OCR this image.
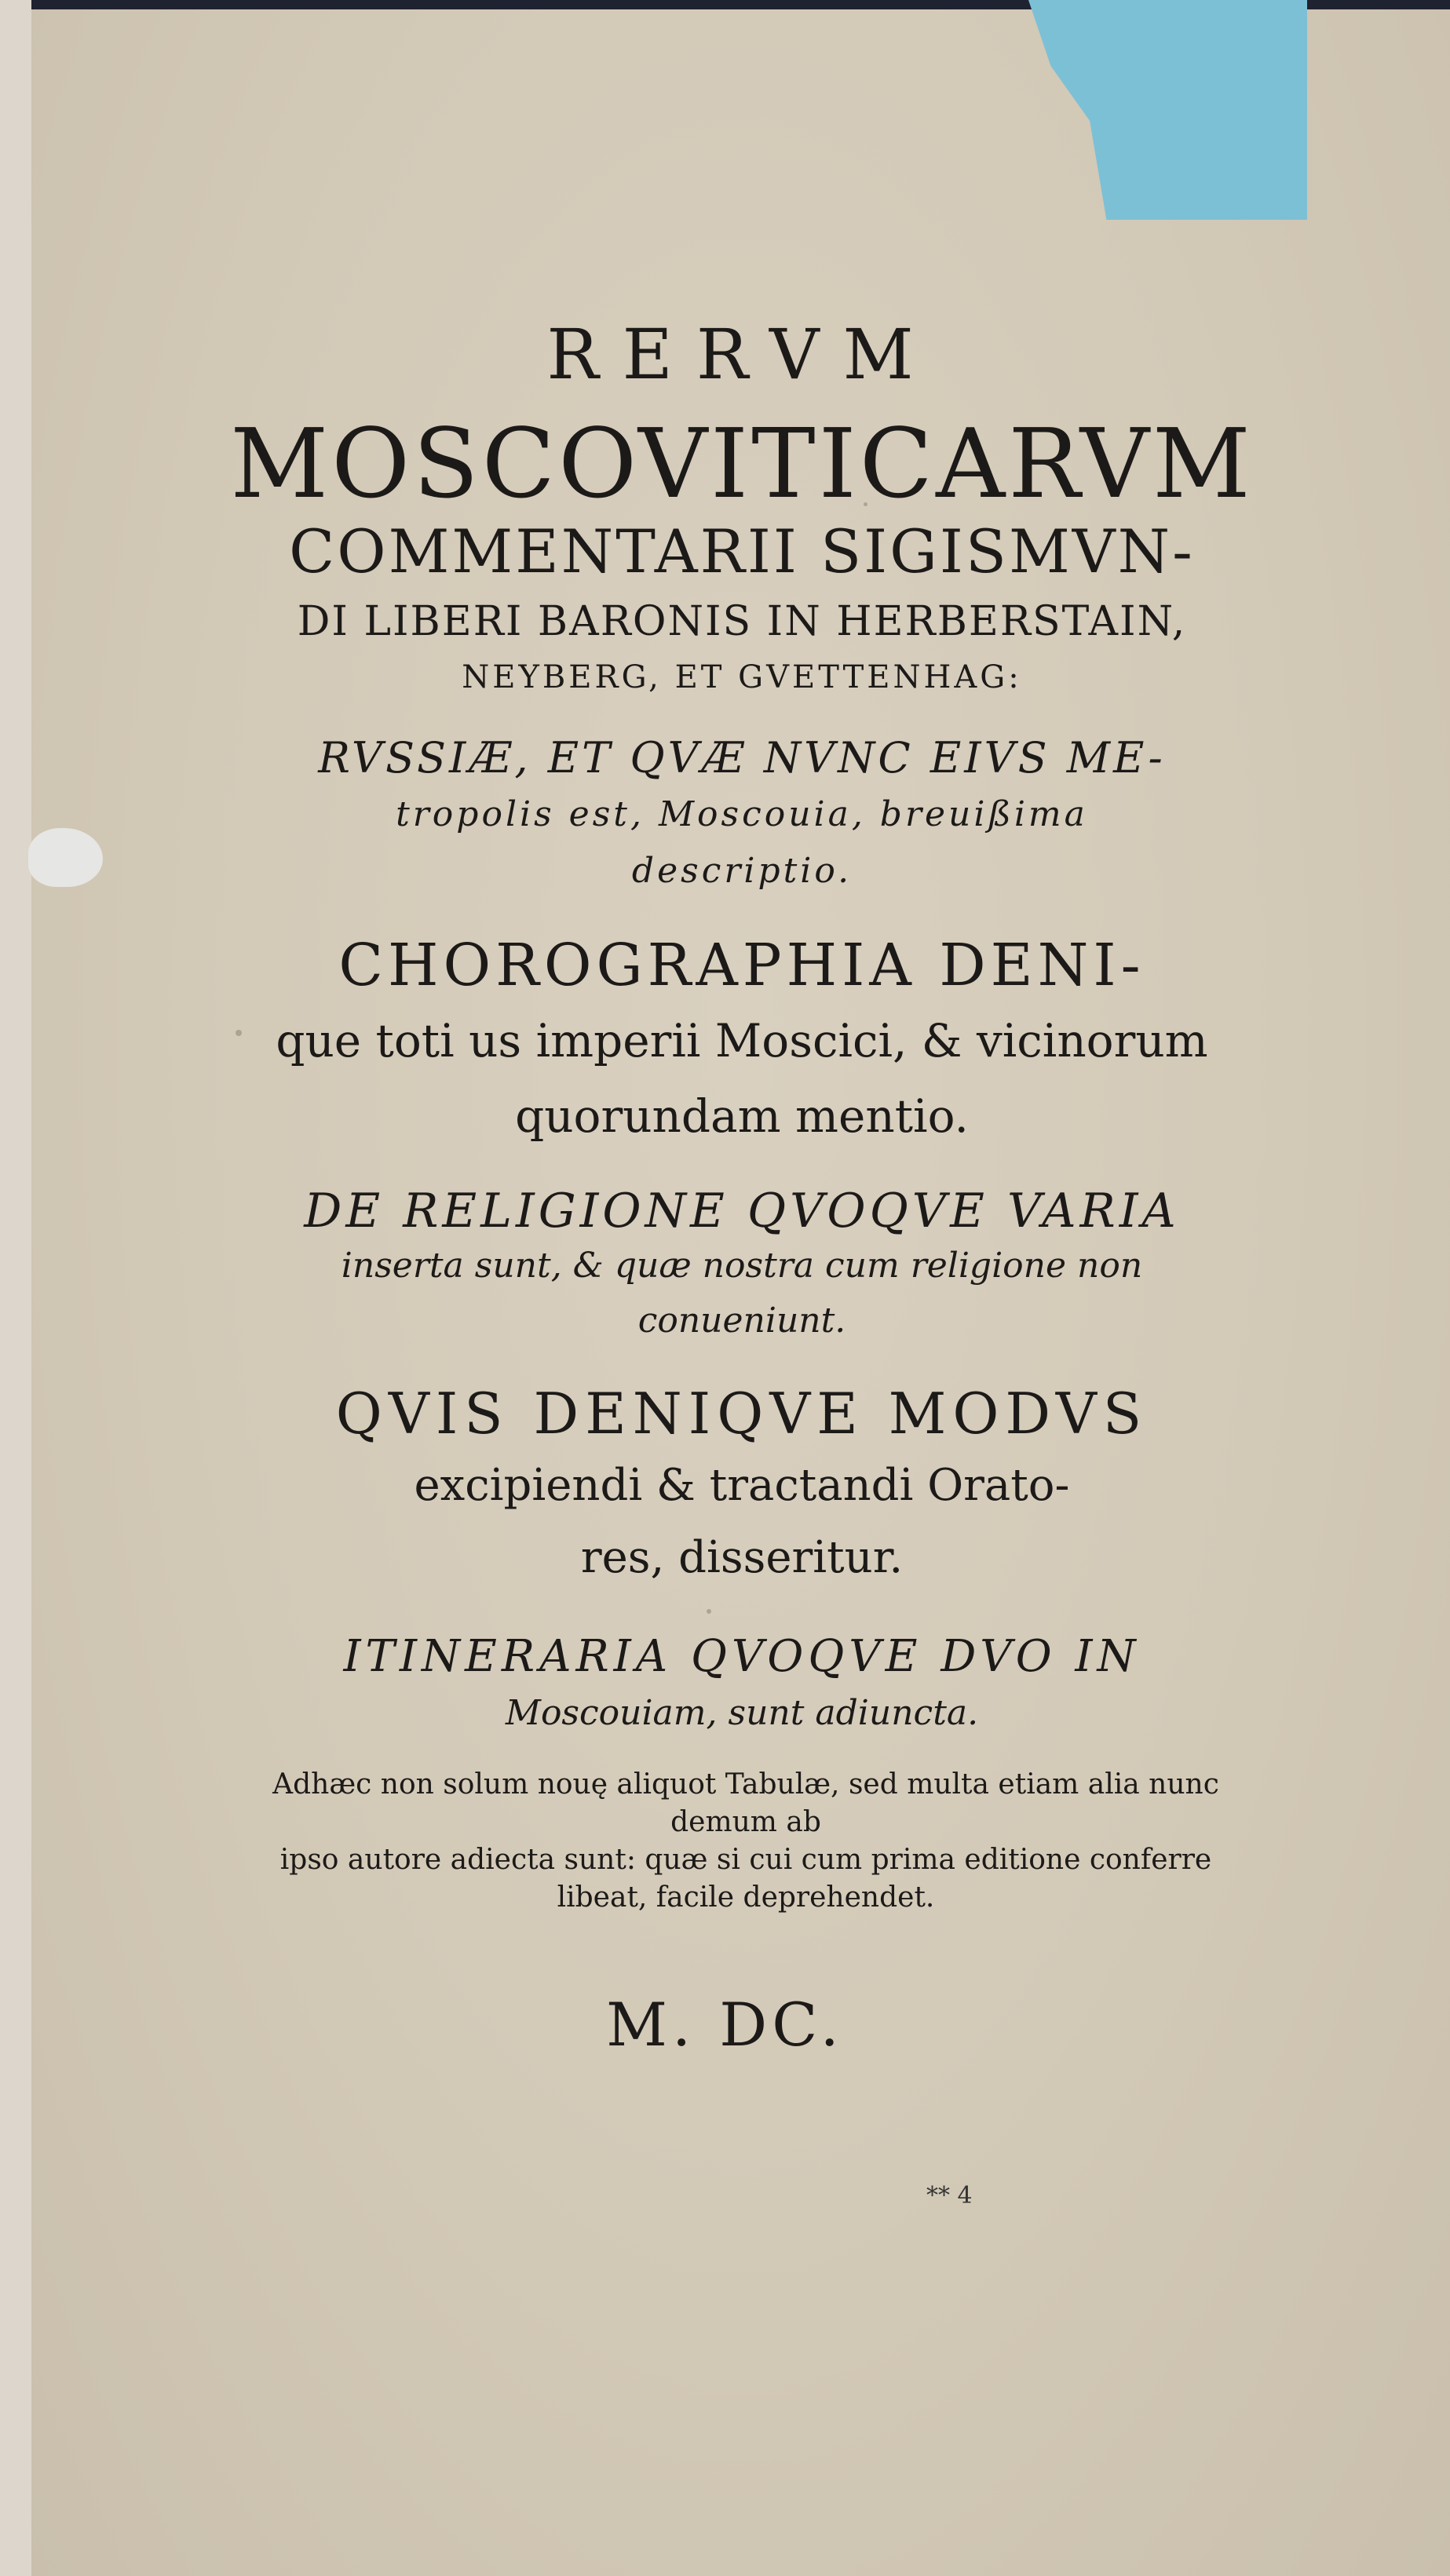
RERVM

MOSCOVITICARVM

COMMENTARII SIGISMVN-

DI LIBERI BARONIS IN HERBERSTAIN,

NEYBERG, ET GVETTENHAG:

RVSSIÆ, ET QVÆ NVNC EIVS ME-
tropolis est, Moscouia, breuißima
descriptio.
CHOROGRAPHIA DENI-
que toti us imperii Moscici, & vicinorum
quorundam mentio.
DE RELIGIONE QVOQVE VARIA
inserta sunt, & quæ nostra cum religione non
conueniunt.
QVIS DENIQVE MODVS
excipiendi & tractandi Orato-
res, disseritur.
ITINERARIA QVOQVE DVO IN
Moscouiam, sunt adiuncta.
Adhæc non solum nouę aliquot Tabulæ, sed multa etiam alia nunc demum ab
ipso autore adiecta sunt: quæ si cui cum prima editione conferre
libeat, facile deprehendet.

M. DC.

** 4
